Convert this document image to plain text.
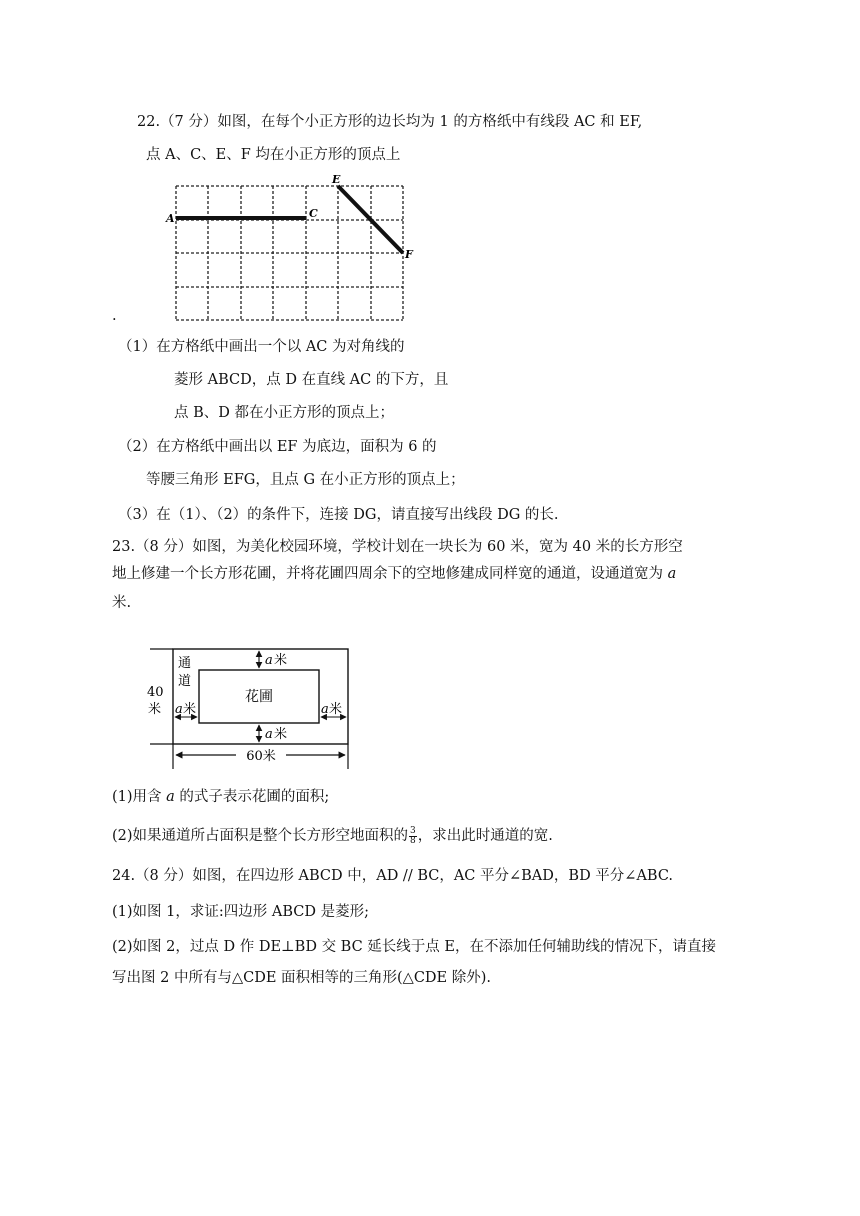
22.（7 分）如图，在每个小正方形的边长均为 1 的方格纸中有线段 AC 和 EF,
点 A、C、E、F 均在小正方形的顶点上
A	C
E
F
.
（1）在方格纸中画出一个以 AC 为对角线的
菱形 ABCD，点 D 在直线 AC 的下方，且
点 B、D 都在小正方形的顶点上；
（2）在方格纸中画出以 EF 为底边，面积为 6 的
等腰三角形 EFG，且点 G 在小正方形的顶点上；
（3）在（1）、（2）的条件下，连接 DG，请直接写出线段 DG 的长.
23.（8 分）如图，为美化校园环境，学校计划在一块长为 60 米，宽为 40 米的长方形空
地上修建一个长方形花圃，并将花圃四周余下的空地修建成同样宽的通道，设通道宽为 a
米.
60米
a 米
a 米
a 米	a 米
通
道
花圃
40
米
(1)用含 a 的式子表示花圃的面积;
(2)如果通道所占面积是整个长方形空地面积的 $\frac{3}{8}$ ，求出此时通道的宽.
24.（8 分）如图，在四边形 ABCD 中，AD // BC，AC 平分∠BAD，BD 平分∠ABC.
(1)如图 1，求证:四边形 ABCD 是菱形;
(2)如图 2，过点 D 作 DE⊥BD 交 BC 延长线于点 E，在不添加任何辅助线的情况下，请直接
写出图 2 中所有与△CDE 面积相等的三角形(△CDE 除外).
